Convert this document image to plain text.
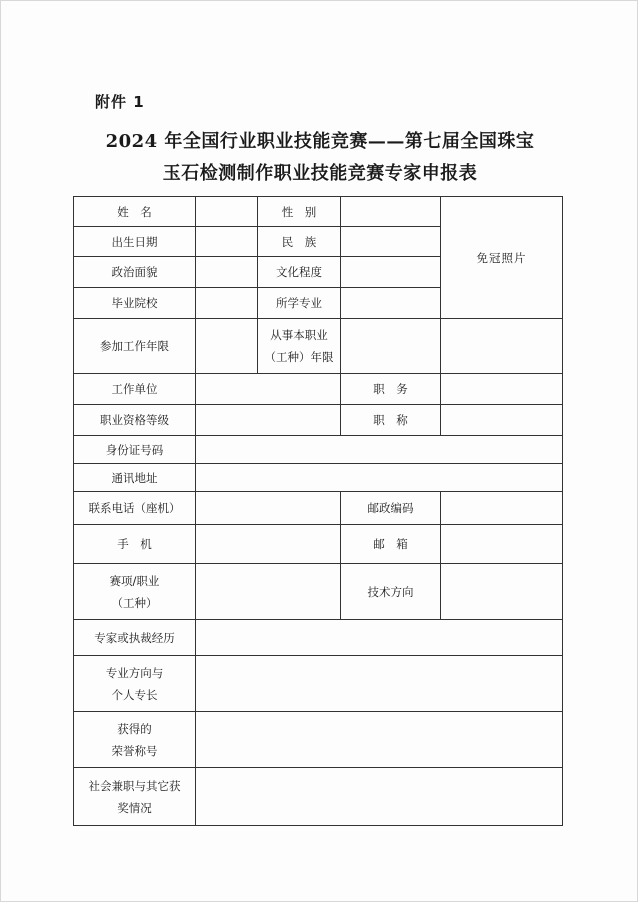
附件 1
2024 年全国行业职业技能竞赛——第七届全国珠宝
玉石检测制作职业技能竞赛专家申报表
姓　名		性　别		免冠照片
出生日期		民　族		
政治面貌		文化程度		
毕业院校		所学专业		
参加工作年限		从事本职业
（工种）年限		

工作单位			职　务	
职业资格等级			职　称	
身份证号码				
通讯地址				
联系电话（座机）			邮政编码	
手　机			邮　箱	

赛项/职业
（工种）			技术方向	
专家或执裁经历				

专业方向与
个人专长				

获得的
荣誉称号				

社会兼职与其它获
奖情况				
